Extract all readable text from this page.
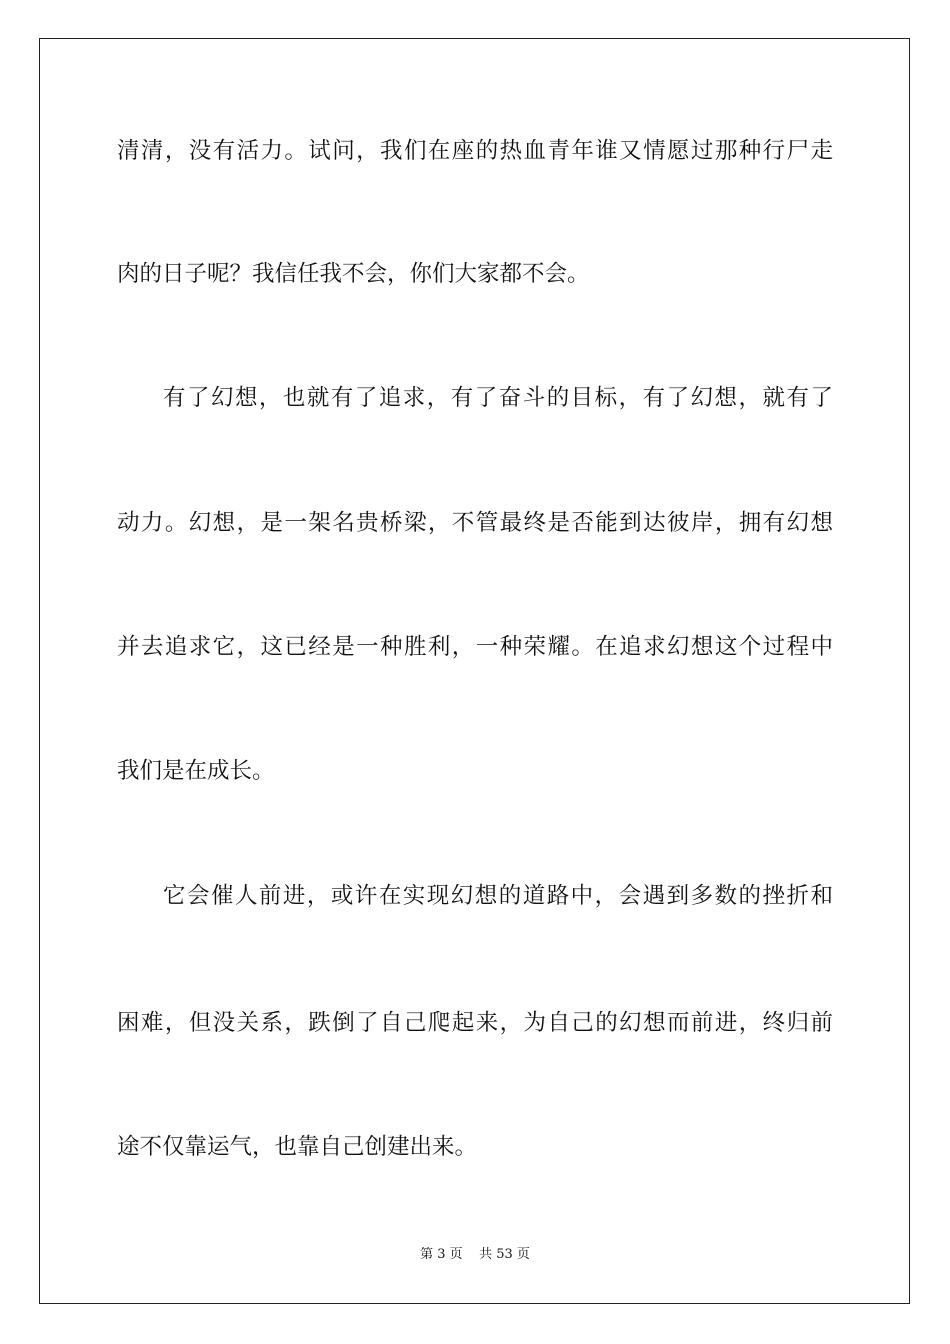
清清，没有活力。试问，我们在座的热血青年谁又情愿过那种行尸走
肉的日子呢？我信任我不会，你们大家都不会。
有了幻想，也就有了追求，有了奋斗的目标，有了幻想，就有了
动力。幻想，是一架名贵桥梁，不管最终是否能到达彼岸，拥有幻想
并去追求它，这已经是一种胜利，一种荣耀。在追求幻想这个过程中
我们是在成长。
它会催人前进，或许在实现幻想的道路中，会遇到多数的挫折和
困难，但没关系，跌倒了自己爬起来，为自己的幻想而前进，终归前
途不仅靠运气，也靠自己创建出来。
第 3 页    共 53 页
